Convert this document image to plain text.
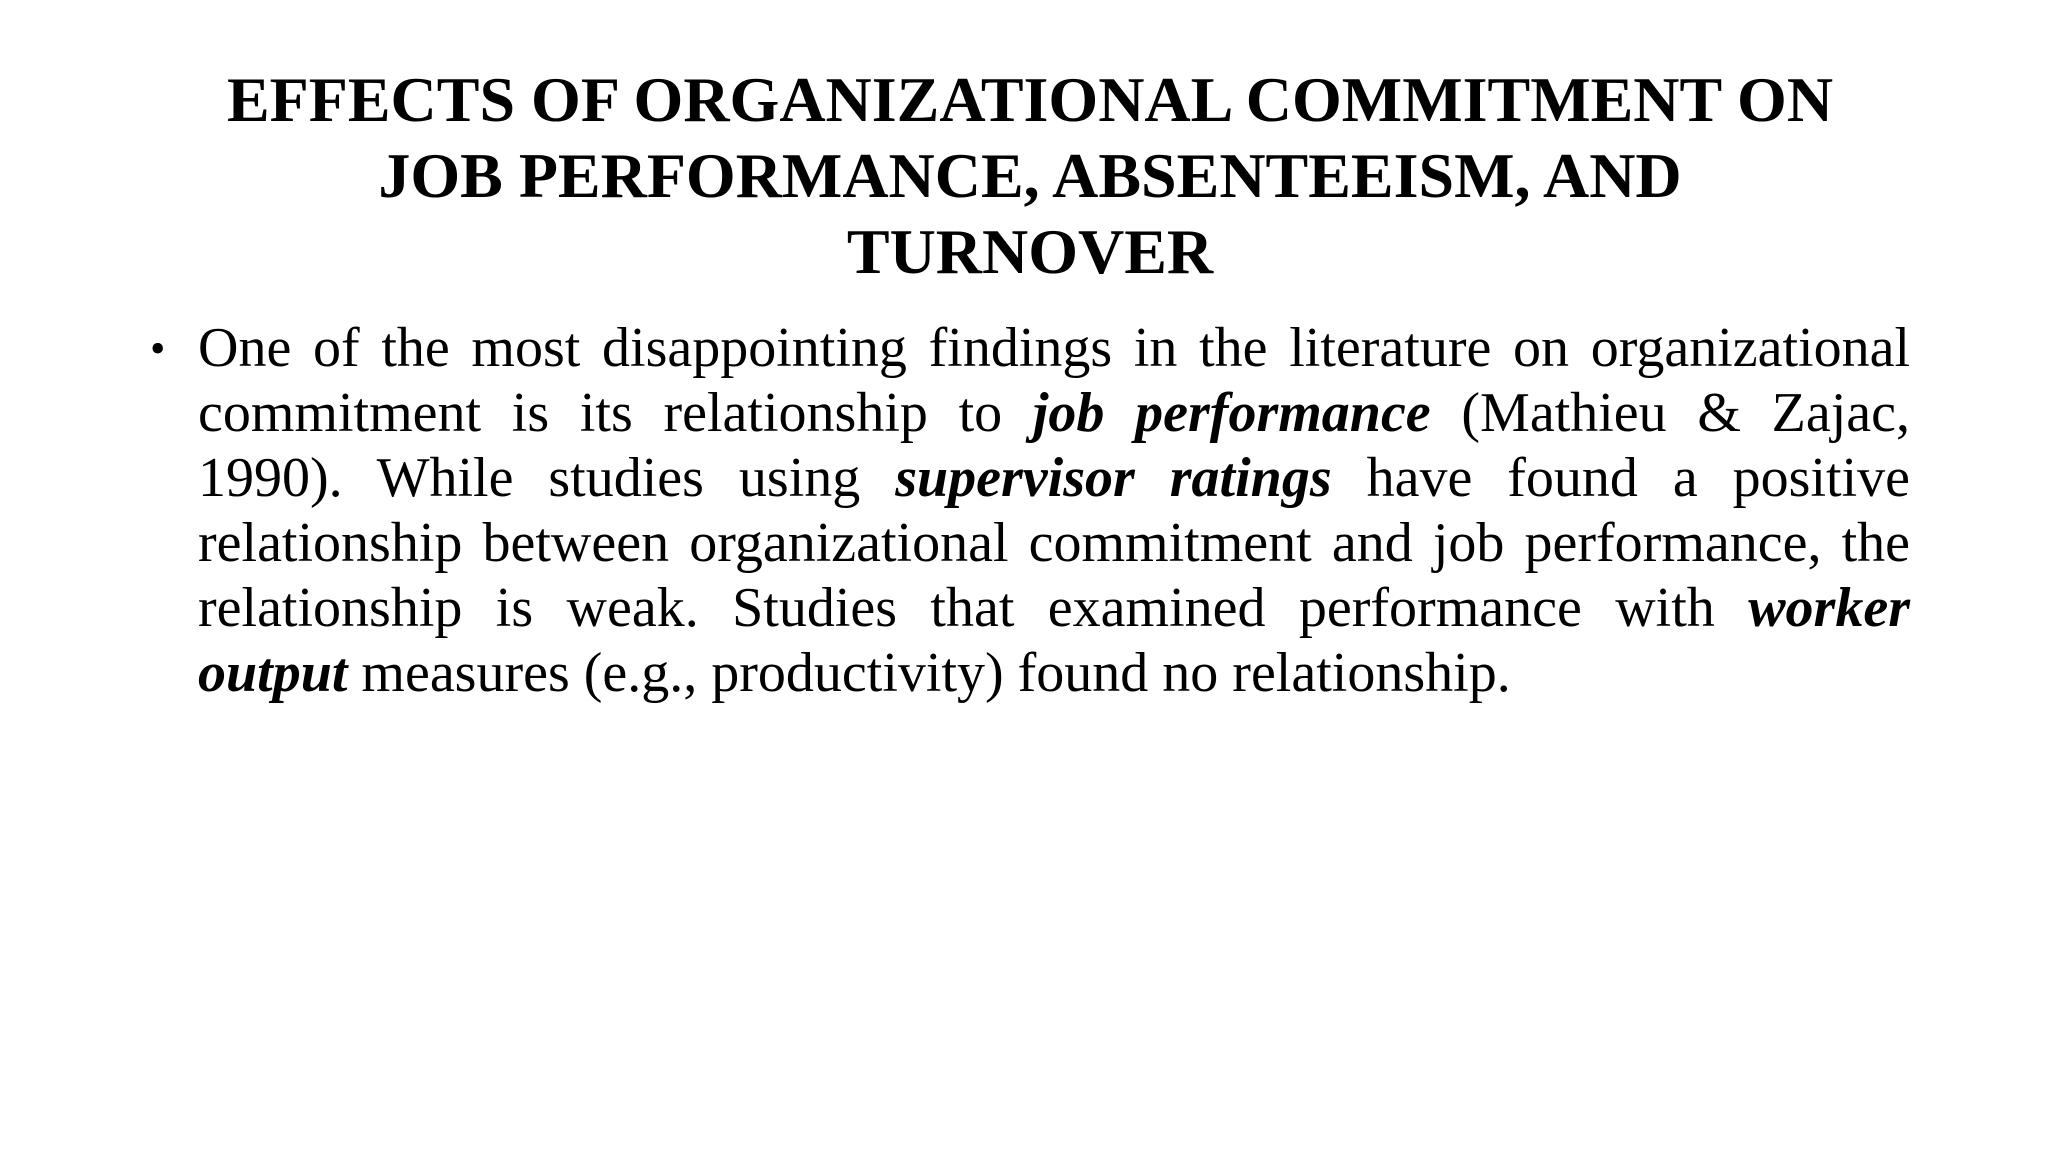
EFFECTS OF ORGANIZATIONAL COMMITMENT ON
JOB PERFORMANCE, ABSENTEEISM, AND
TURNOVER
• One of the most disappointing findings in the literature on organizational commitment is its relationship to job performance (Mathieu & Zajac, 1990). While studies using supervisor ratings have found a positive relationship between organizational commitment and job performance, the relationship is weak. Studies that examined performance with worker output measures (e.g., productivity) found no relationship.
